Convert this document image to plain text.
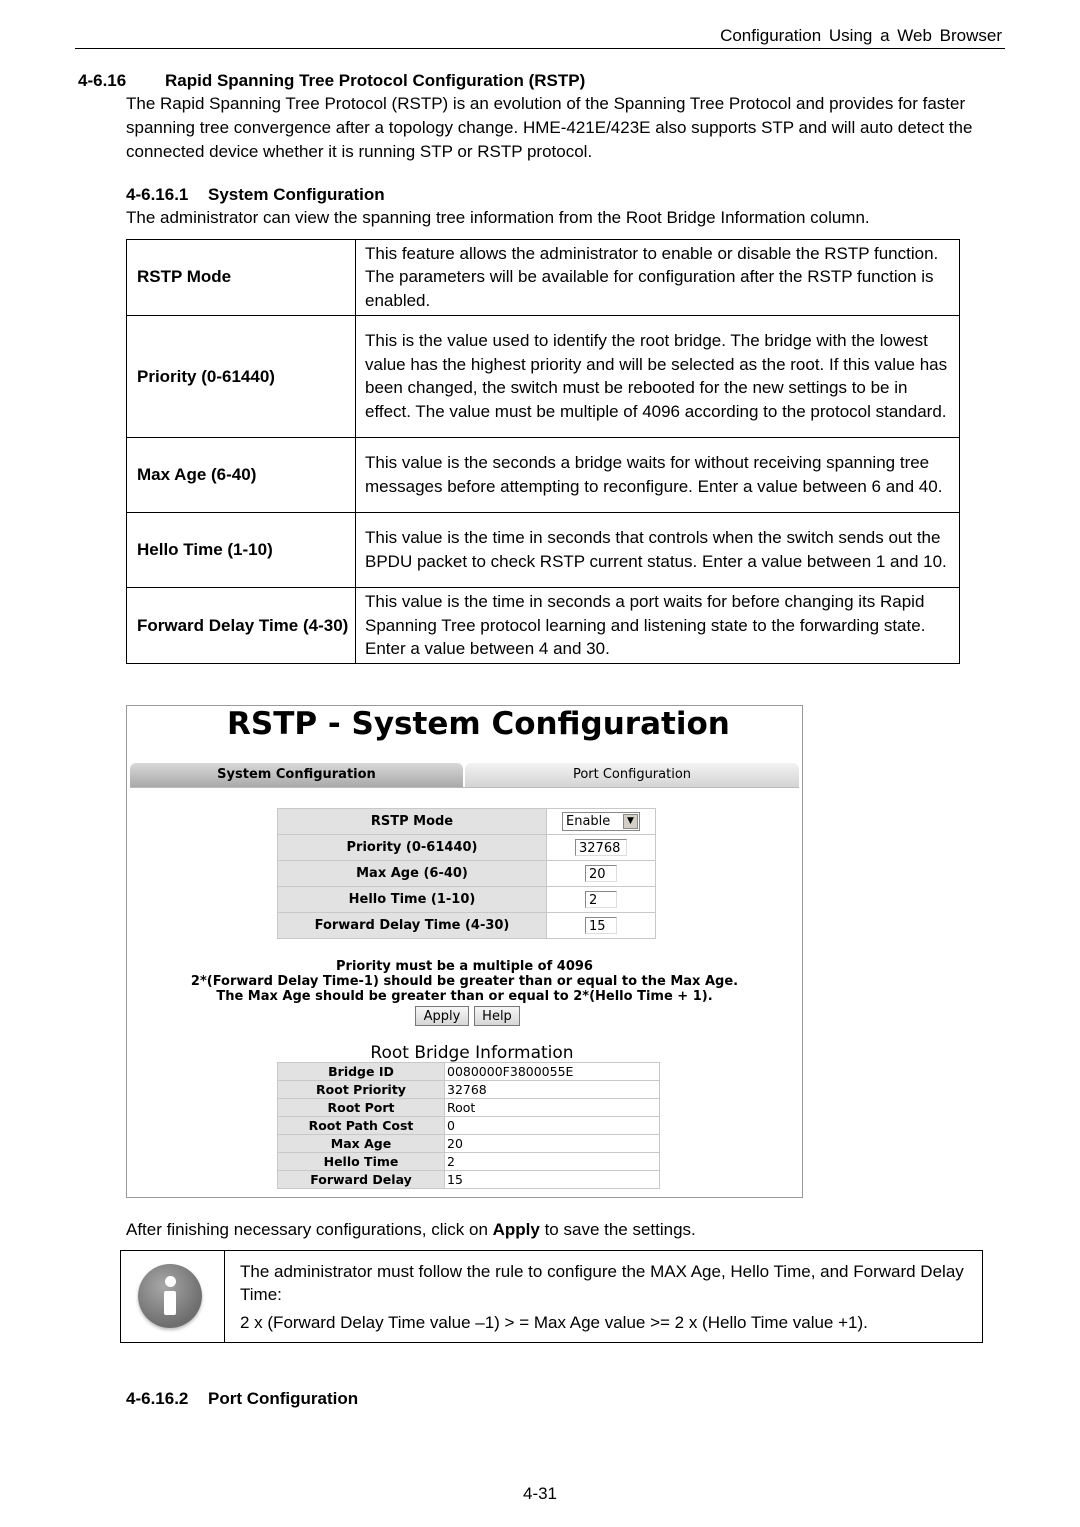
Configuration Using a Web Browser
4-6.16 Rapid Spanning Tree Protocol Configuration (RSTP)
The Rapid Spanning Tree Protocol (RSTP) is an evolution of the Spanning Tree Protocol and provides for faster spanning tree convergence after a topology change. HME-421E/423E also supports STP and will auto detect the connected device whether it is running STP or RSTP protocol.
4-6.16.1 System Configuration
The administrator can view the spanning tree information from the Root Bridge Information column.
RSTP Mode	This feature allows the administrator to enable or disable the RSTP function. The parameters will be available for configuration after the RSTP function is enabled.
Priority (0-61440)	This is the value used to identify the root bridge. The bridge with the lowest value has the highest priority and will be selected as the root. If this value has been changed, the switch must be rebooted for the new settings to be in effect. The value must be multiple of 4096 according to the protocol standard.
Max Age (6-40)	This value is the seconds a bridge waits for without receiving spanning tree messages before attempting to reconfigure. Enter a value between 6 and 40.
Hello Time (1-10)	This value is the time in seconds that controls when the switch sends out the BPDU packet to check RSTP current status. Enter a value between 1 and 10.
Forward Delay Time (4-30)	This value is the time in seconds a port waits for before changing its Rapid Spanning Tree protocol learning and listening state to the forwarding state. Enter a value between 4 and 30.
RSTP - System Configuration
System Configuration	Port Configuration
RSTP Mode	Enable ▼

Priority (0-61440)	32768
Max Age (6-40)	20
Hello Time (1-10)	2
Forward Delay Time (4-30)	15
Priority must be a multiple of 4096
2*(Forward Delay Time-1) should be greater than or equal to the Max Age.
The Max Age should be greater than or equal to 2*(Hello Time + 1).
Apply	Help
Root Bridge Information
Bridge ID	0080000F3800055E
Root Priority	32768
Root Port	Root
Root Path Cost	0
Max Age	20
Hello Time	2
Forward Delay	15
After finishing necessary configurations, click on Apply to save the settings.
The administrator must follow the rule to configure the MAX Age, Hello Time, and Forward Delay Time:
2 x (Forward Delay Time value –1) > = Max Age value >= 2 x (Hello Time value +1).
4-6.16.2 Port Configuration
4-31
